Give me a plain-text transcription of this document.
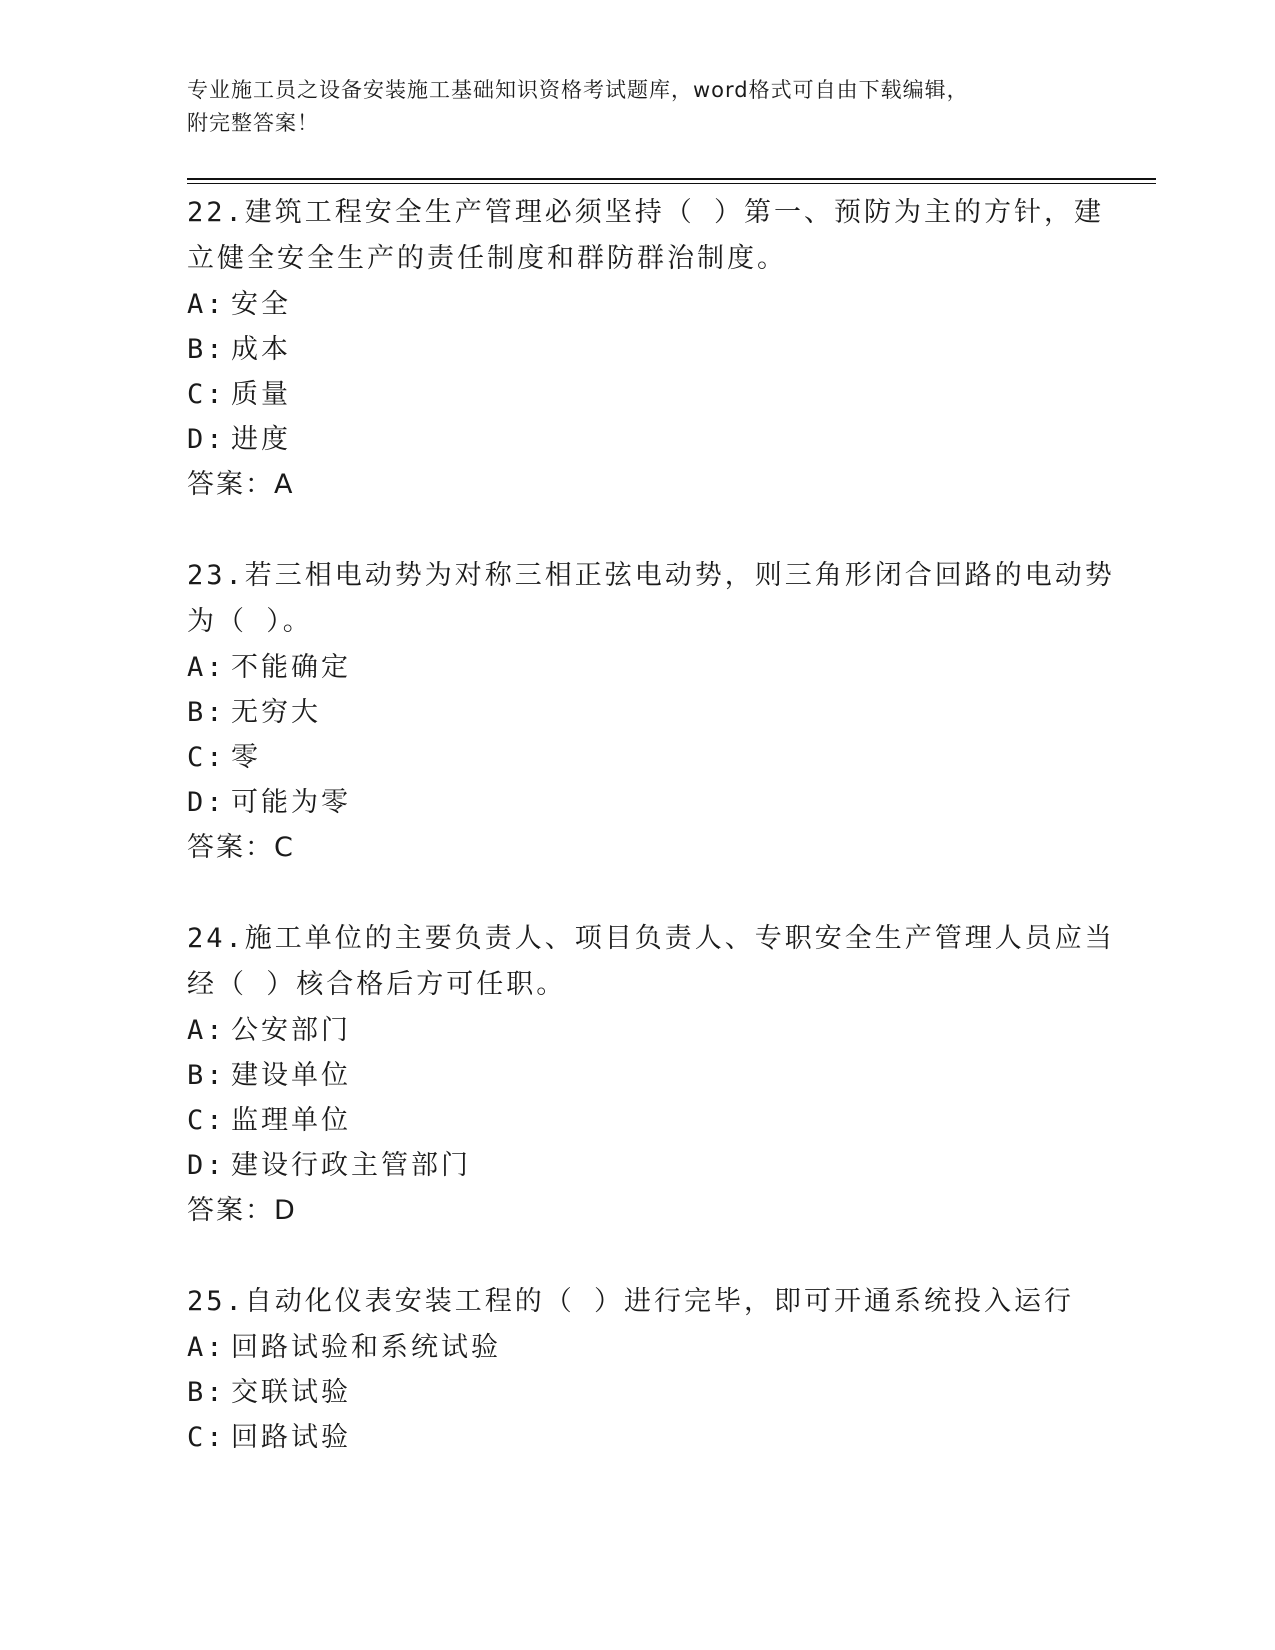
专业施工员之设备安装施工基础知识资格考试题库，word格式可自由下载编辑，
附完整答案！
22.建筑工程安全生产管理必须坚持（ ）第一、预防为主的方针，建
立健全安全生产的责任制度和群防群治制度。
A: 安全
B: 成本
C: 质量
D: 进度
答案：A
23.若三相电动势为对称三相正弦电动势，则三角形闭合回路的电动势
为（ ）。
A: 不能确定
B: 无穷大
C: 零
D: 可能为零
答案：C
24.施工单位的主要负责人、项目负责人、专职安全生产管理人员应当
经（ ）核合格后方可任职。
A: 公安部门
B: 建设单位
C: 监理单位
D: 建设行政主管部门
答案：D
25.自动化仪表安装工程的（ ）进行完毕，即可开通系统投入运行
A: 回路试验和系统试验
B: 交联试验
C: 回路试验
